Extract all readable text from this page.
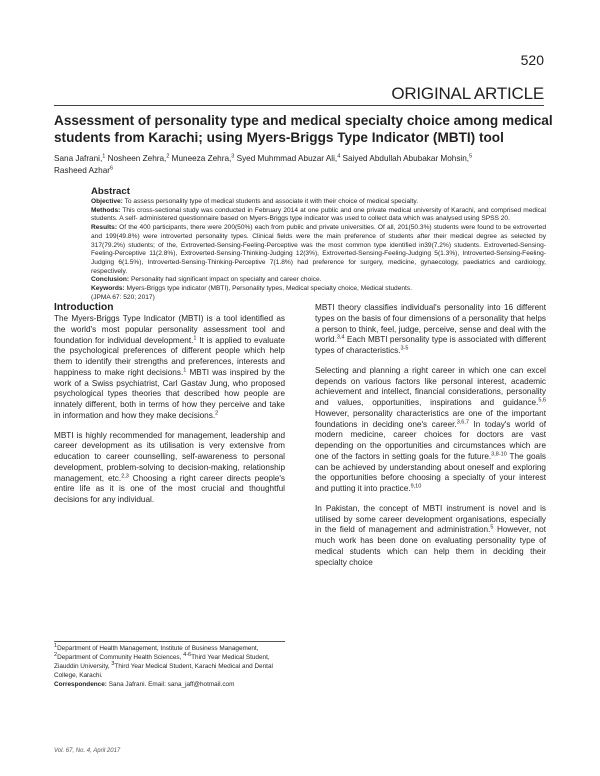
520
ORIGINAL ARTICLE
Assessment of personality type and medical specialty choice among medical students from Karachi; using Myers-Briggs Type Indicator (MBTI) tool
Sana Jafrani,$^1$ Nosheen Zehra,$^2$ Muneeza Zehra,$^3$ Syed Muhmmad Abuzar Ali,$^4$ Saiyed Abdullah Abubakar Mohsin,$^5$
Rasheed Azhar$^6$
Abstract

Objective: To assess personality type of medical students and associate it with their choice of medical specialty.

Methods: This cross-sectional study was conducted in February 2014 at one public and one private medical university of Karachi, and comprised medical students. A self- administered questionnaire based on Myers-Briggs type indicator was used to collect data which was analysed using SPSS 20.

Results: Of the 400 participants, there were 200(50%) each from public and private universities. Of all, 201(50.3%) students were found to be extroverted and 199(49.8%) were introverted personality types. Clinical fields were the main preference of students after their medical degree as selected by 317(79.2%) students; of the, Extroverted-Sensing-Feeling-Perceptive was the most common type identified in39(7.2%) students. Extroverted-Sensing-Feeling-Perceptive 11(2.8%), Extroverted-Sensing-Thinking-Judging 12(3%), Extroverted-Sensing-Feeling-Judging 5(1.3%), Introverted-Sensing-Feeling-Judging 6(1.5%), Introverted-Sensing-Thinking-Perceptive 7(1.8%) had preference for surgery, medicine, gynaecology, paediatrics and cardiology, respectively.

Conclusion: Personality had significant impact on specialty and career choice.

Keywords: Myers-Briggs type indicator (MBTI), Personality types, Medical specialty choice, Medical students.

(JPMA 67: 520; 2017)

Introduction

The Myers-Briggs Type Indicator (MBTI) is a tool identified as the world's most popular personality assessment tool and foundation for individual development.$^1$ It is applied to evaluate the psychological preferences of different people which help them to identify their strengths and preferences, interests and happiness to make right decisions.$^1$ MBTI was inspired by the work of a Swiss psychiatrist, Carl Gastav Jung, who proposed psychological types theories that described how people are innately different, both in terms of how they perceive and take in information and how they make decisions.$^2$

MBTI is highly recommended for management, leadership and career development as its utilisation is very extensive from education to career counselling, self-awareness to personal development, problem-solving to decision-making, relationship management, etc.$^{2,3}$ Choosing a right career directs people's entire life as it is one of the most crucial and thoughtful decisions for any individual.

MBTI theory classifies individual's personality into 16 different types on the basis of four dimensions of a personality that helps a person to think, feel, judge, perceive, sense and deal with the world.$^{3,4}$ Each MBTI personality type is associated with different types of characteristics.$^{3-5}$

Selecting and planning a right career in which one can excel depends on various factors like personal interest, academic achievement and intellect, financial considerations, personality and values, opportunities, inspirations and guidance.$^{5,6}$ However, personality characteristics are one of the important foundations in deciding one's career.$^{3,6,7}$ In today's world of modern medicine, career choices for doctors are vast depending on the opportunities and circumstances which are one of the factors in setting goals for the future.$^{3,8-10}$ The goals can be achieved by understanding about oneself and exploring the opportunities before choosing a specialty of your interest and putting it into practice.$^{9,10}$

In Pakistan, the concept of MBTI instrument is novel and is utilised by some career development organisations, especially in the field of management and administration.$^5$ However, not much work has been done on evaluating personality type of medical students which can help them in deciding their specialty choice

$^1$Department of Health Management, Institute of Business Management,

$^2$Department of Community Health Sciences, $^{4-6}$Third Year Medical Student, Ziauddin University, $^3$Third Year Medical Student, Karachi Medical and Dental College, Karachi.

Correspondence: Sana Jafrani. Email: sana_jaff@hotmail.com

Vol. 67, No. 4, April 2017
